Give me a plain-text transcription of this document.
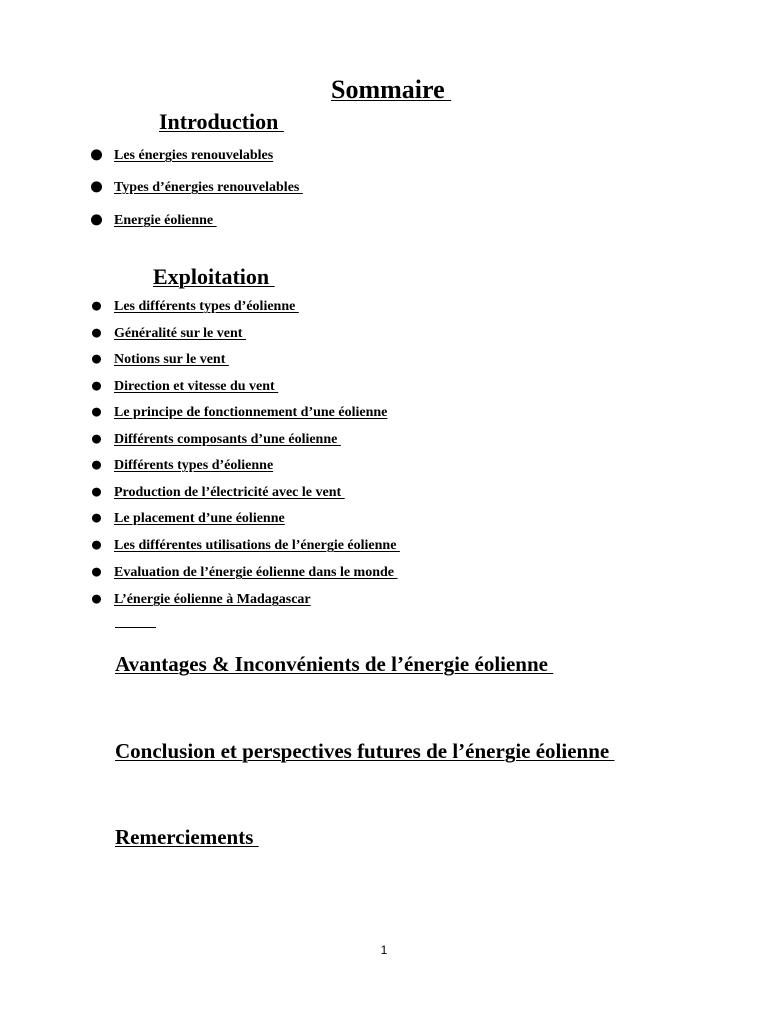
Sommaire
Introduction
Les énergies renouvelables
Types d’énergies renouvelables
Energie éolienne
Exploitation
Les différents types d’éolienne
Généralité sur le vent
Notions sur le vent
Direction et vitesse du vent
Le principe de fonctionnement d’une éolienne
Différents composants d’une éolienne
Différents types d’éolienne
Production de l’électricité avec le vent
Le placement d’une éolienne
Les différentes utilisations de l’énergie éolienne
Evaluation de l’énergie éolienne dans le monde
L’énergie éolienne à Madagascar
Avantages & Inconvénients de l’énergie éolienne
Conclusion et perspectives futures de l’énergie éolienne
Remerciements
1
